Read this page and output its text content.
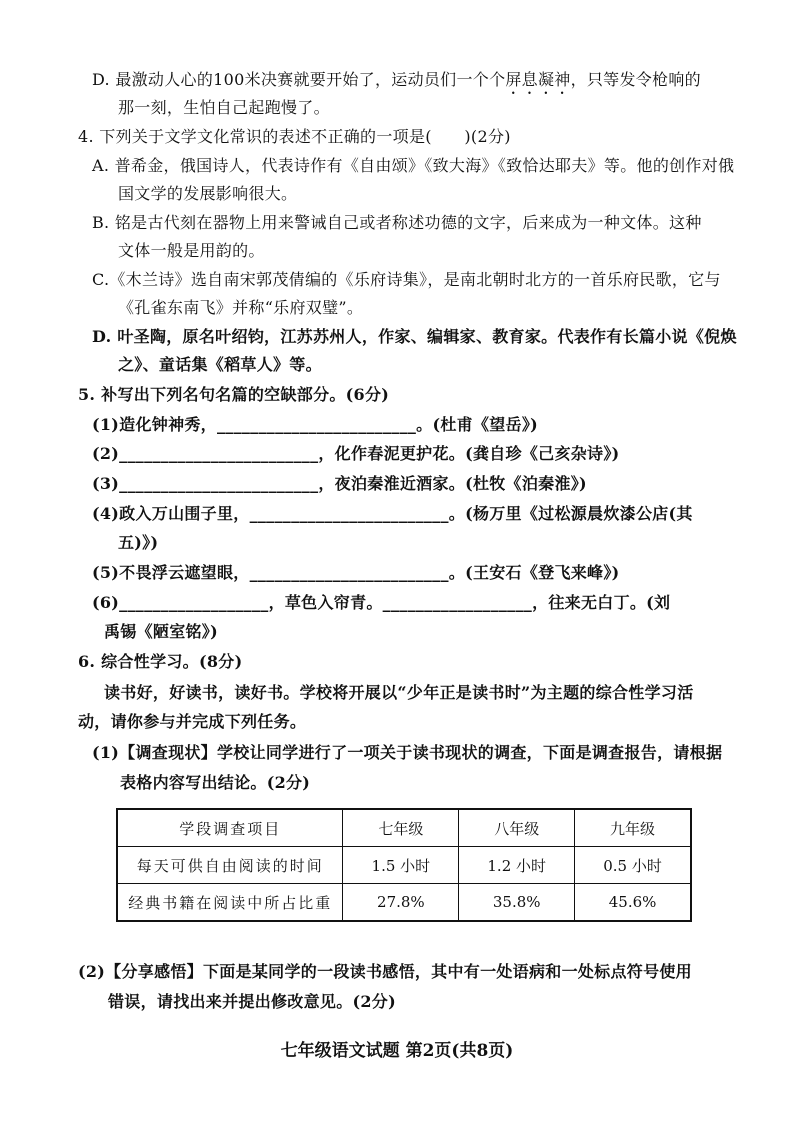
D. 最激动人心的100米决赛就要开始了，运动员们一个个屏息凝神，只等发令枪响的
那一刻，生怕自己起跑慢了。
4. 下列关于文学文化常识的表述不正确的一项是(　　)(2分)
A. 普希金，俄国诗人，代表诗作有《自由颂》《致大海》《致恰达耶夫》等。他的创作对俄
国文学的发展影响很大。
B. 铭是古代刻在器物上用来警诫自己或者称述功德的文字，后来成为一种文体。这种
文体一般是用韵的。
C.《木兰诗》选自南宋郭茂倩编的《乐府诗集》，是南北朝时北方的一首乐府民歌，它与
《孔雀东南飞》并称“乐府双璧”。
D. 叶圣陶，原名叶绍钧，江苏苏州人，作家、编辑家、教育家。代表作有长篇小说《倪焕
之》、童话集《稻草人》等。
5. 补写出下列名句名篇的空缺部分。(6分)
(1)造化钟神秀，________________________。(杜甫《望岳》)
(2)________________________，化作春泥更护花。(龚自珍《己亥杂诗》)
(3)________________________，夜泊秦淮近酒家。(杜牧《泊秦淮》)
(4)政入万山围子里，________________________。(杨万里《过松源晨炊漆公店(其
五)》)
(5)不畏浮云遮望眼，________________________。(王安石《登飞来峰》)
(6)__________________，草色入帘青。__________________，往来无白丁。(刘
禹锡《陋室铭》)
6. 综合性学习。(8分)
读书好，好读书，读好书。学校将开展以“少年正是读书时”为主题的综合性学习活
动，请你参与并完成下列任务。
(1)【调查现状】学校让同学进行了一项关于读书现状的调查，下面是调查报告，请根据
表格内容写出结论。(2分)
学段调查项目	七年级	八年级	九年级
每天可供自由阅读的时间	1.5 小时	1.2 小时	0.5 小时
经典书籍在阅读中所占比重	27.8%	35.8%	45.6%
(2)【分享感悟】下面是某同学的一段读书感悟，其中有一处语病和一处标点符号使用
错误，请找出来并提出修改意见。(2分)
七年级语文试题 第2页(共8页)
